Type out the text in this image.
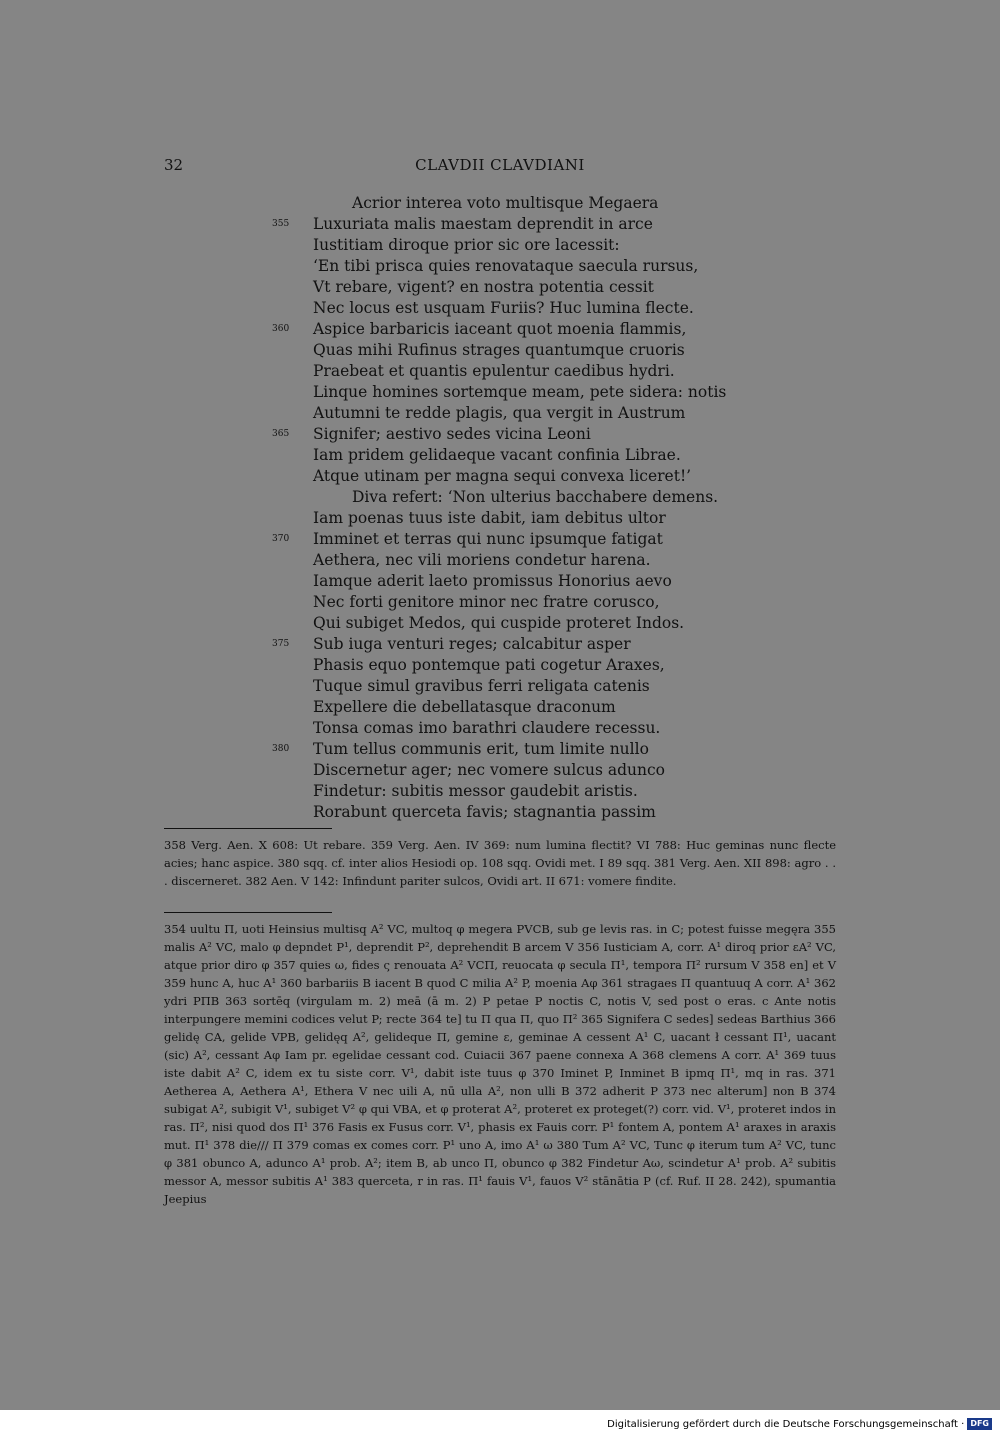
32	CLAVDII CLAVDIANI
Acrior interea voto multisque Megaera
355	Luxuriata malis maestam deprendit in arce
Iustitiam diroque prior sic ore lacessit:
‘En tibi prisca quies renovataque saecula rursus,
Vt rebare, vigent? en nostra potentia cessit
Nec locus est usquam Furiis? Huc lumina flecte.
360	Aspice barbaricis iaceant quot moenia flammis,
Quas mihi Rufinus strages quantumque cruoris
Praebeat et quantis epulentur caedibus hydri.
Linque homines sortemque meam, pete sidera: notis
Autumni te redde plagis, qua vergit in Austrum
365	Signifer; aestivo sedes vicina Leoni
Iam pridem gelidaeque vacant confinia Librae.
Atque utinam per magna sequi convexa liceret!’
Diva refert: ‘Non ulterius bacchabere demens.
Iam poenas tuus iste dabit, iam debitus ultor
370	Imminet et terras qui nunc ipsumque fatigat
Aethera, nec vili moriens condetur harena.
Iamque aderit laeto promissus Honorius aevo
Nec forti genitore minor nec fratre corusco,
Qui subiget Medos, qui cuspide proteret Indos.
375	Sub iuga venturi reges; calcabitur asper
Phasis equo pontemque pati cogetur Araxes,
Tuque simul gravibus ferri religata catenis
Expellere die debellatasque draconum
Tonsa comas imo barathri claudere recessu.
380	Tum tellus communis erit, tum limite nullo
Discernetur ager; nec vomere sulcus adunco
Findetur: subitis messor gaudebit aristis.
Rorabunt querceta favis; stagnantia passim

358 Verg. Aen. X 608: Ut rebare. 359 Verg. Aen. IV 369: num lumina flectit? VI 788: Huc geminas nunc flecte acies; hanc aspice. 380 sqq. cf. inter alios Hesiodi op. 108 sqq. Ovidi met. I 89 sqq. 381 Verg. Aen. XII 898: agro . . . discerneret. 382 Aen. V 142: Infindunt pariter sulcos, Ovidi art. II 671: vomere findite.

354 uultu Π, uoti Heinsius multisq A² VC, multoq φ megera PVCB, sub ge levis ras. in C; potest fuisse megęra 355 malis A² VC, malo φ depndet P¹, deprendit P², deprehendit B arcem V 356 Iusticiam A, corr. A¹ diroq prior εA² VC, atque prior diro φ 357 quies ω, fides ς renouata A² VCΠ, reuocata φ secula Π¹, tempora Π² rursum V 358 en] et V 359 hunc A, huc A¹ 360 barbariis B iacent B quod C milia A² P, moenia Aφ 361 stragaes Π quantuuq A corr. A¹ 362 ydri PΠB 363 sortēq (virgulam m. 2) meā (ā m. 2) P petae P noctis C, notis V, sed post o eras. c Ante notis interpungere memini codices velut P; recte 364 te] tu Π qua Π, quo Π² 365 Signifera C sedes] sedeas Barthius 366 gelidę CA, gelide VPB, gelidęq A², gelideque Π, gemine ε, geminae A cessent A¹ C, uacant ł cessant Π¹, uacant (sic) A², cessant Aφ Iam pr. egelidae cessant cod. Cuiacii 367 paene connexa A 368 clemens A corr. A¹ 369 tuus iste dabit A² C, idem ex tu siste corr. V¹, dabit iste tuus φ 370 Iminet P, Inminet B ipmq Π¹, mq in ras. 371 Aetherea A, Aethera A¹, Ethera V nec uili A, nū ulla A², non ulli B 372 adherit P 373 nec alterum] non B 374 subigat A², subigit V¹, subiget V² φ qui VBA, et φ proterat A², proteret ex proteget(?) corr. vid. V¹, proteret indos in ras. Π², nisi quod dos Π¹ 376 Fasis ex Fusus corr. V¹, phasis ex Fauis corr. P¹ fontem A, pontem A¹ araxes in araxis mut. Π¹ 378 die/// Π 379 comas ex comes corr. P¹ uno A, imo A¹ ω 380 Tum A² VC, Tunc φ iterum tum A² VC, tunc φ 381 obunco A, adunco A¹ prob. A²; item B, ab unco Π, obunco φ 382 Findetur Aω, scindetur A¹ prob. A² subitis messor A, messor subitis A¹ 383 querceta, r in ras. Π¹ fauis V¹, fauos V² stānātia P (cf. Ruf. II 28. 242), spumantia Jeepius

Digitalisierung gefördert durch die Deutsche Forschungsgemeinschaft · DFG
